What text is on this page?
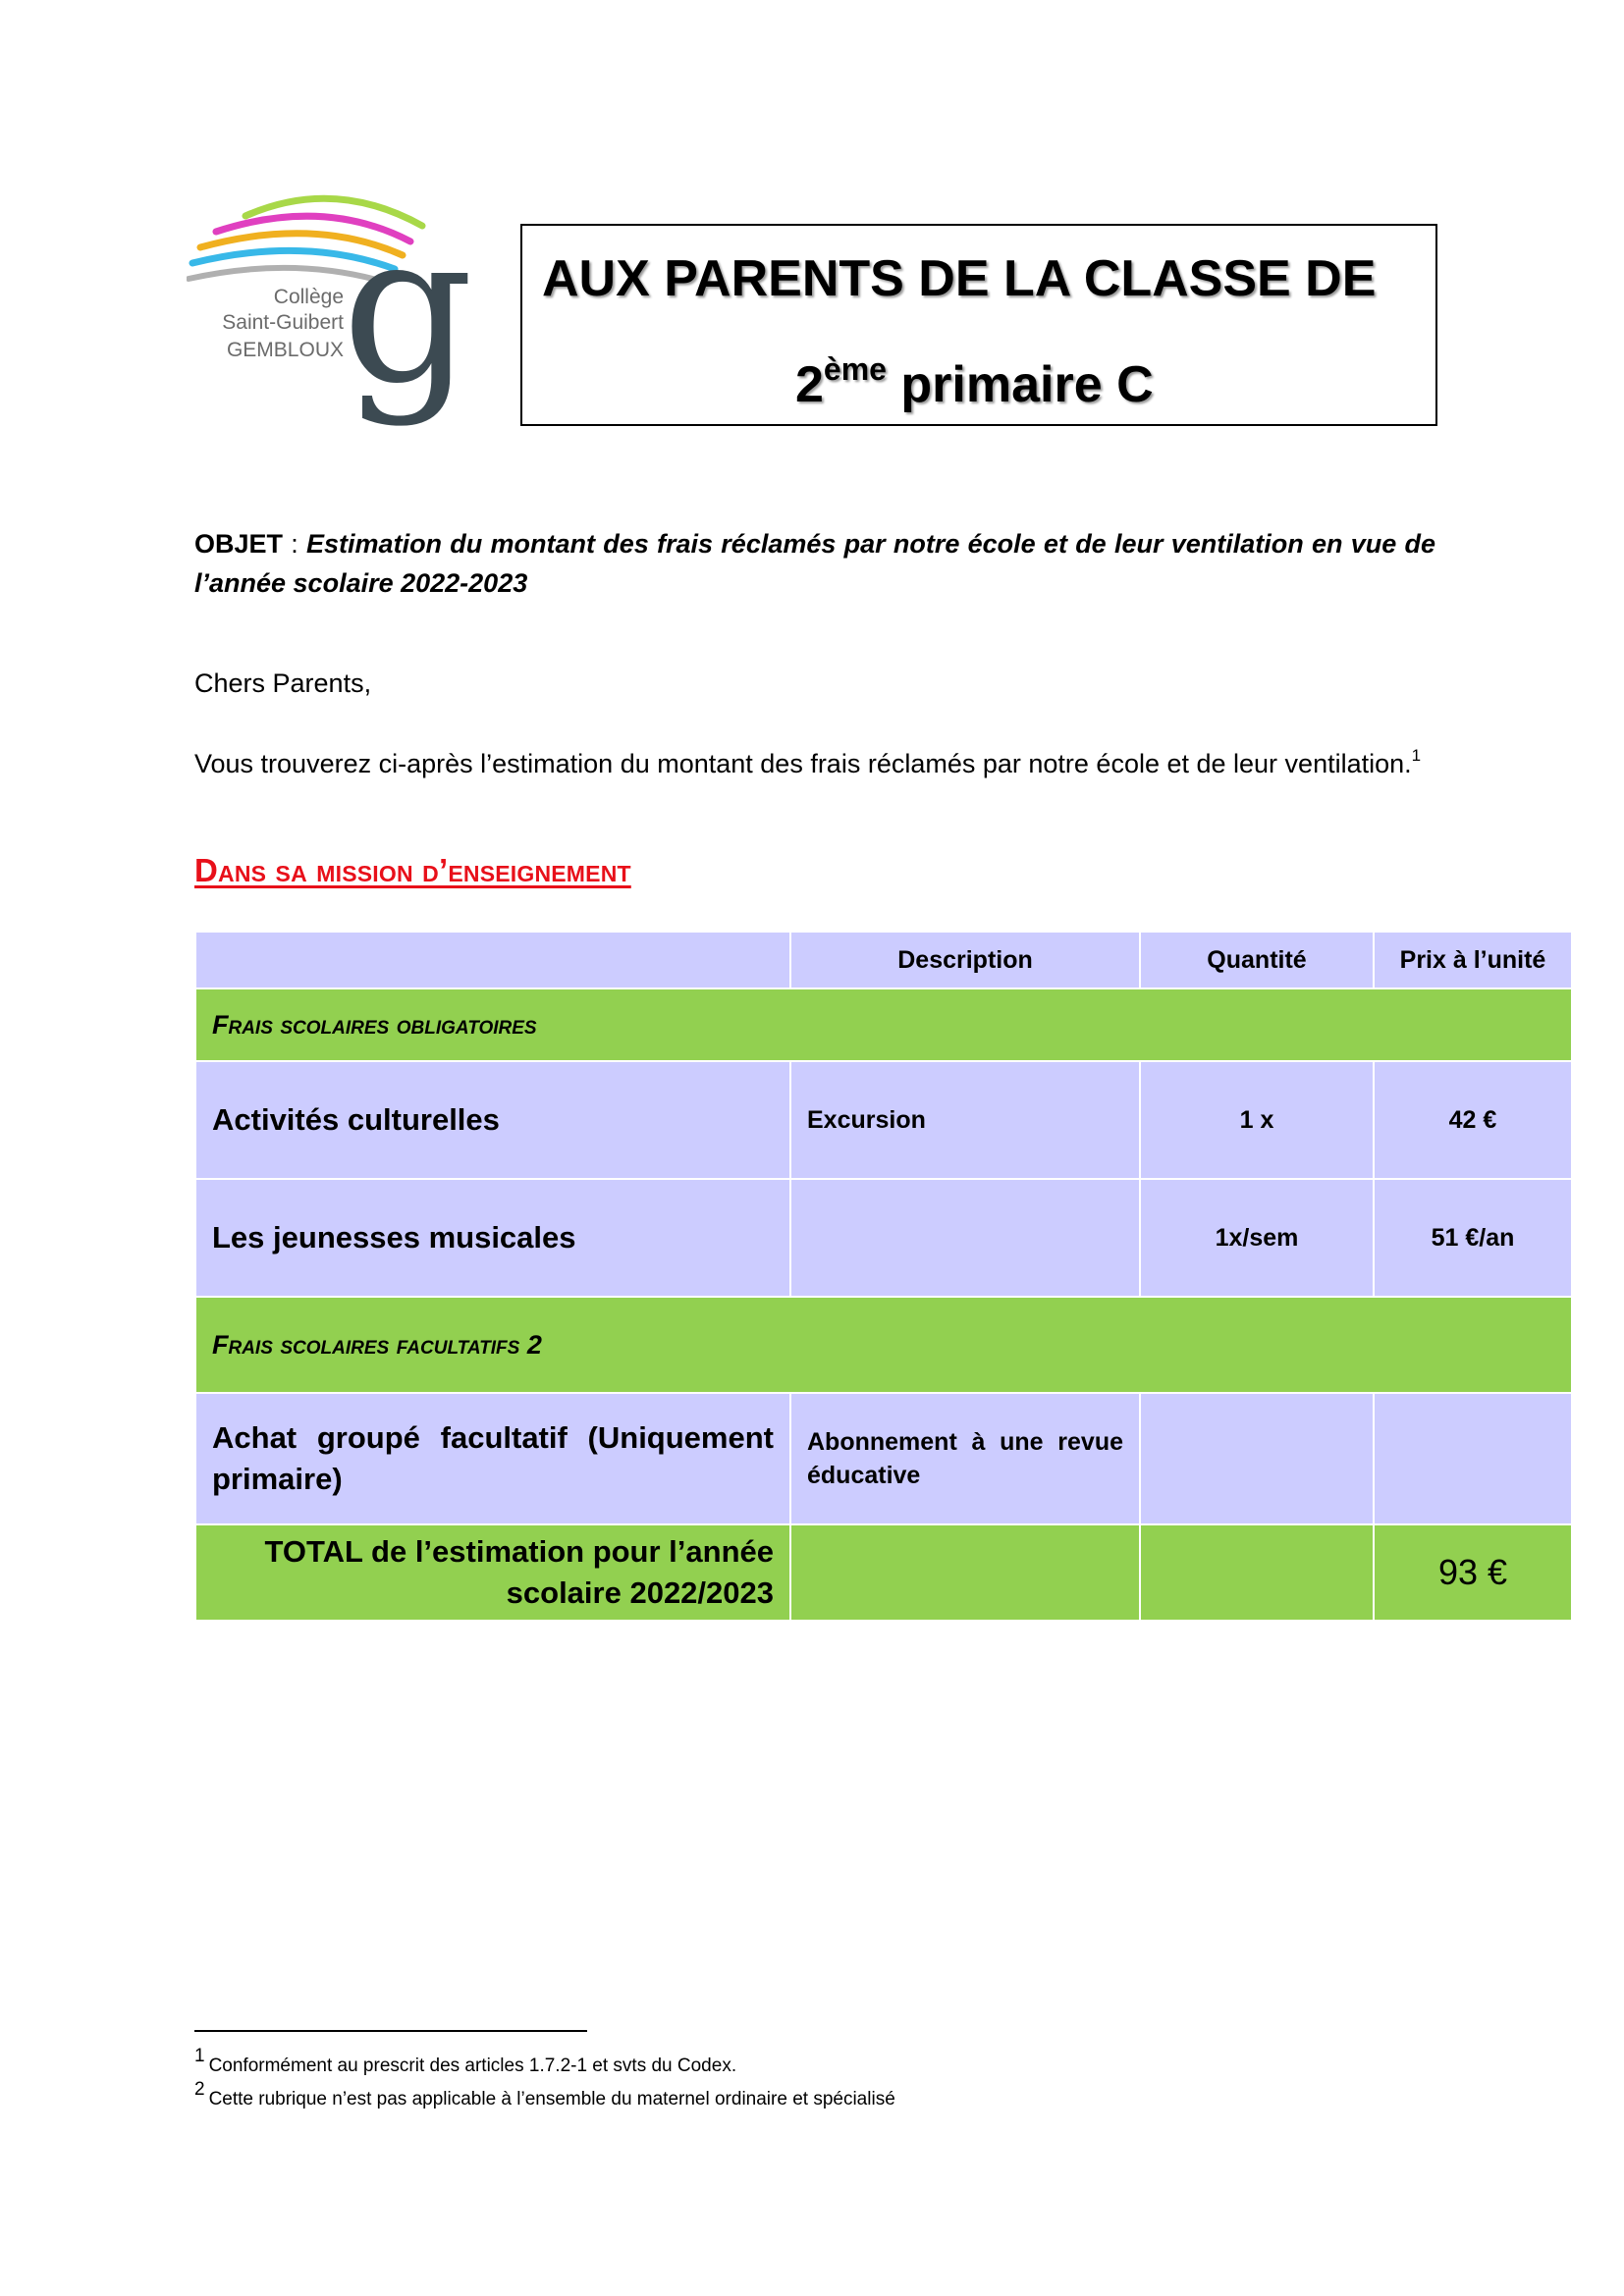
g
Collège
Saint-Guibert
GEMBLOUX
AUX PARENTS DE LA CLASSE DE
2ème primaire C
OBJET : Estimation du montant des frais réclamés par notre école et de leur ventilation en vue de l’année scolaire 2022-2023
Chers Parents,
Vous trouverez ci-après l’estimation du montant des frais réclamés par notre école et de leur ventilation.$^1$
Dans sa mission d’enseignement
	Description	Quantité	Prix à l’unité
Frais scolaires obligatoires			
Activités culturelles	Excursion	1 x	42 €
Les jeunesses musicales		1x/sem	51 €/an
Frais scolaires facultatifs 2			
Achat groupé facultatif (Uniquement primaire)	Abonnement à une revue éducative		
TOTAL de l’estimation pour l’année scolaire 2022/2023			93 €
$^1$ Conformément au prescrit des articles 1.7.2-1 et svts du Codex.
$^2$ Cette rubrique n’est pas applicable à l’ensemble du maternel ordinaire et spécialisé
